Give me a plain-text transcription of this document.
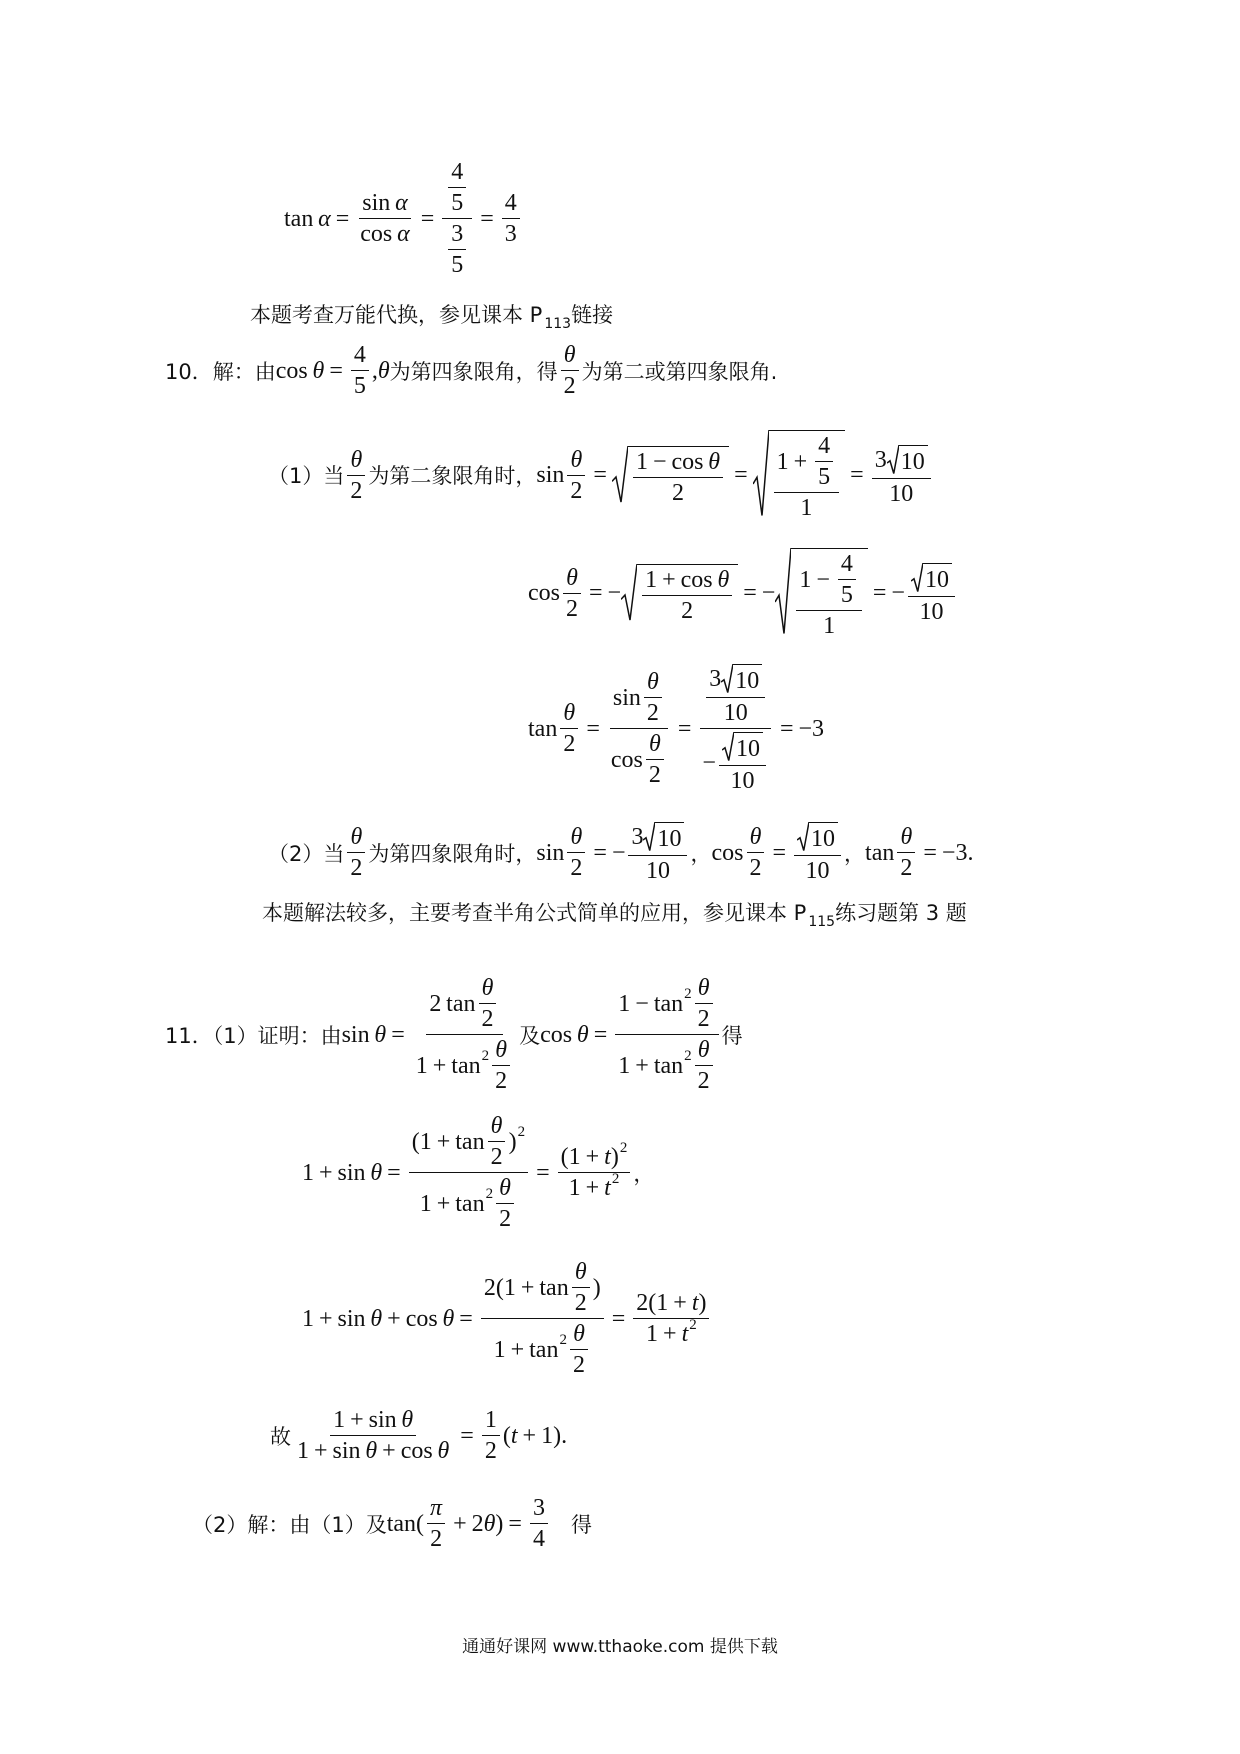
$\tan \alpha = \frac{\text{sin  α}}{\text{cos  α}} = 4$
5
3
$5 = \frac{4}{3}$
本题考查万能代换，参见课本 P $_{113}$链接
10．解：由 $\cos \theta = \frac{4}{5}$ , θ 为第四象限角，得 $\frac{\theta}{2}$ 为第二或第四象限角.
（1）当 $\frac{\theta}{2}$ 为第二象限角时， $\sin \frac{\theta}{2}$ =
1 − cos  θ
2
=
$1 + \frac{4}{5}$
1
= $\frac{3 10}{10}$
$\cos \frac{\theta}{2}$ = −
1 + cos  θ
2
= −
$1 - \frac{4}{5}$
1
= − $\frac{10}{10}$
$\tan \frac{\theta}{2} = \sin$
θ
2
cos
θ
2 = 3 10
10
−
10
10 = −3
（2）当 $\frac{\theta}{2}$ 为第四象限角时， $\sin \frac{\theta}{2}$ = − $\frac{3 10}{10}$ ， $\cos \frac{\theta}{2} = \frac{10}{10}$ ， $\tan \frac{\theta}{2} = -3$ .
本题解法较多，主要考查半角公式简单的应用，参见课本 P $_{115}$练习题第 3 题
11．（1）证明：由 sin  θ = 2 tan
θ
2
1 + tan 2 θ
2 及 cos  θ = 1 − tan 2 θ
2
1 + tan 2 θ
2 得
$1 + \sin \theta = (1 + \tan \frac{\theta}{2}$ ) 2
1 + tan 2 θ
$2 = \frac{(1 + t ) 2}{1 + t 2}$ ，
$1 + \sin \theta + \cos \theta = 2(1 + \tan \frac{\theta}{2}$ )
1 + tan 2 θ
$2 = \frac{2(1 + t )}{1 + t 2}$
故 $\frac{\text{1 + sin  θ}}{\text{1 + sin  θ + cos  θ}} = \frac{1}{2}$ ( t + 1) .
（2）解：由（1）及 tan(
π
2
+ 2 θ ) = $\frac{3}{4}$ 得
通通好课网 www.tthaoke.com 提供下载
